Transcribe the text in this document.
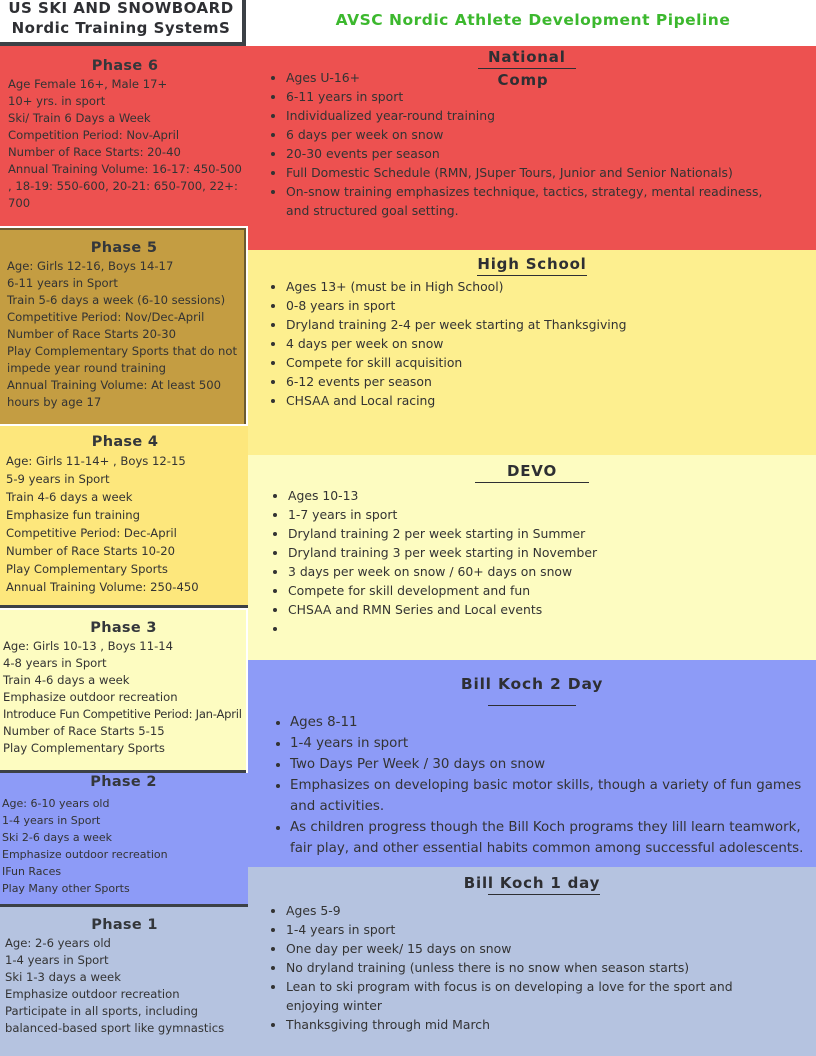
US SKI AND SNOWBOARD
Nordic Training SystemS	AVSC Nordic Athlete Development Pipeline
Phase 6
Age Female 16+, Male 17+
10+ yrs. in sport
Ski/ Train 6 Days a Week
Competition Period: Nov-April
Number of Race Starts: 20-40
Annual Training Volume: 16-17: 450-500 , 18-19: 550-600, 20-21: 650-700, 22+: 700
Phase 5
Age: Girls 12-16, Boys 14-17
6-11 years in Sport
Train 5-6 days a week (6-10 sessions)
Competitive Period: Nov/Dec-April
Number of Race Starts 20-30
Play Complementary Sports that do not impede year round training
Annual Training Volume: At least 500 hours by age 17
Phase 4
Age: Girls 11-14+ , Boys 12-15
5-9 years in Sport
Train 4-6 days a week
Emphasize fun training
Competitive Period: Dec-April
Number of Race Starts 10-20
Play Complementary Sports
Annual Training Volume: 250-450
Phase 3
Age: Girls 10-13 , Boys 11-14
4-8 years in Sport
Train 4-6 days a week
Emphasize outdoor recreation
Introduce Fun Competitive Period: Jan-April
Number of Race Starts 5-15
Play Complementary Sports
Phase 2
Age: 6-10 years old
1-4 years in Sport
Ski 2-6 days a week
Emphasize outdoor recreation
IFun Races
Play Many other Sports
Phase 1
Age: 2-6 years old
1-4 years in Sport
Ski 1-3 days a week
Emphasize outdoor recreation
Participate in all sports, including balanced-based sport like gymnastics
National
Comp
• Ages U-16+
• 6-11 years in sport
• Individualized year-round training
• 6 days per week on snow
• 20-30 events per season
• Full Domestic Schedule (RMN, JSuper Tours, Junior and Senior Nationals)
• On-snow training emphasizes technique, tactics, strategy, mental readiness, and structured goal setting.
High School
• Ages 13+ (must be in High School)
• 0-8 years in sport
• Dryland training 2-4 per week starting at Thanksgiving
• 4 days per week on snow
• Compete for skill acquisition
• 6-12 events per season
• CHSAA and Local racing
DEVO
• Ages 10-13
• 1-7 years in sport
• Dryland training 2 per week starting in Summer
• Dryland training 3 per week starting in November
• 3 days per week on snow / 60+ days on snow
• Compete for skill development and fun
• CHSAA and RMN Series and Local events
•
Bill Koch 2 Day
• Ages 8-11
• 1-4 years in sport
• Two Days Per Week / 30 days on snow
• Emphasizes on developing basic motor skills, though a variety of fun games and activities.
• As children progress though the Bill Koch programs they lill learn teamwork, fair play, and other essential habits common among successful adolescents.
Bill Koch 1 day
• Ages 5-9
• 1-4 years in sport
• One day per week/ 15 days on snow
• No dryland training (unless there is no snow when season starts)
• Lean to ski program with focus is on developing a love for the sport and enjoying winter
• Thanksgiving through mid March
